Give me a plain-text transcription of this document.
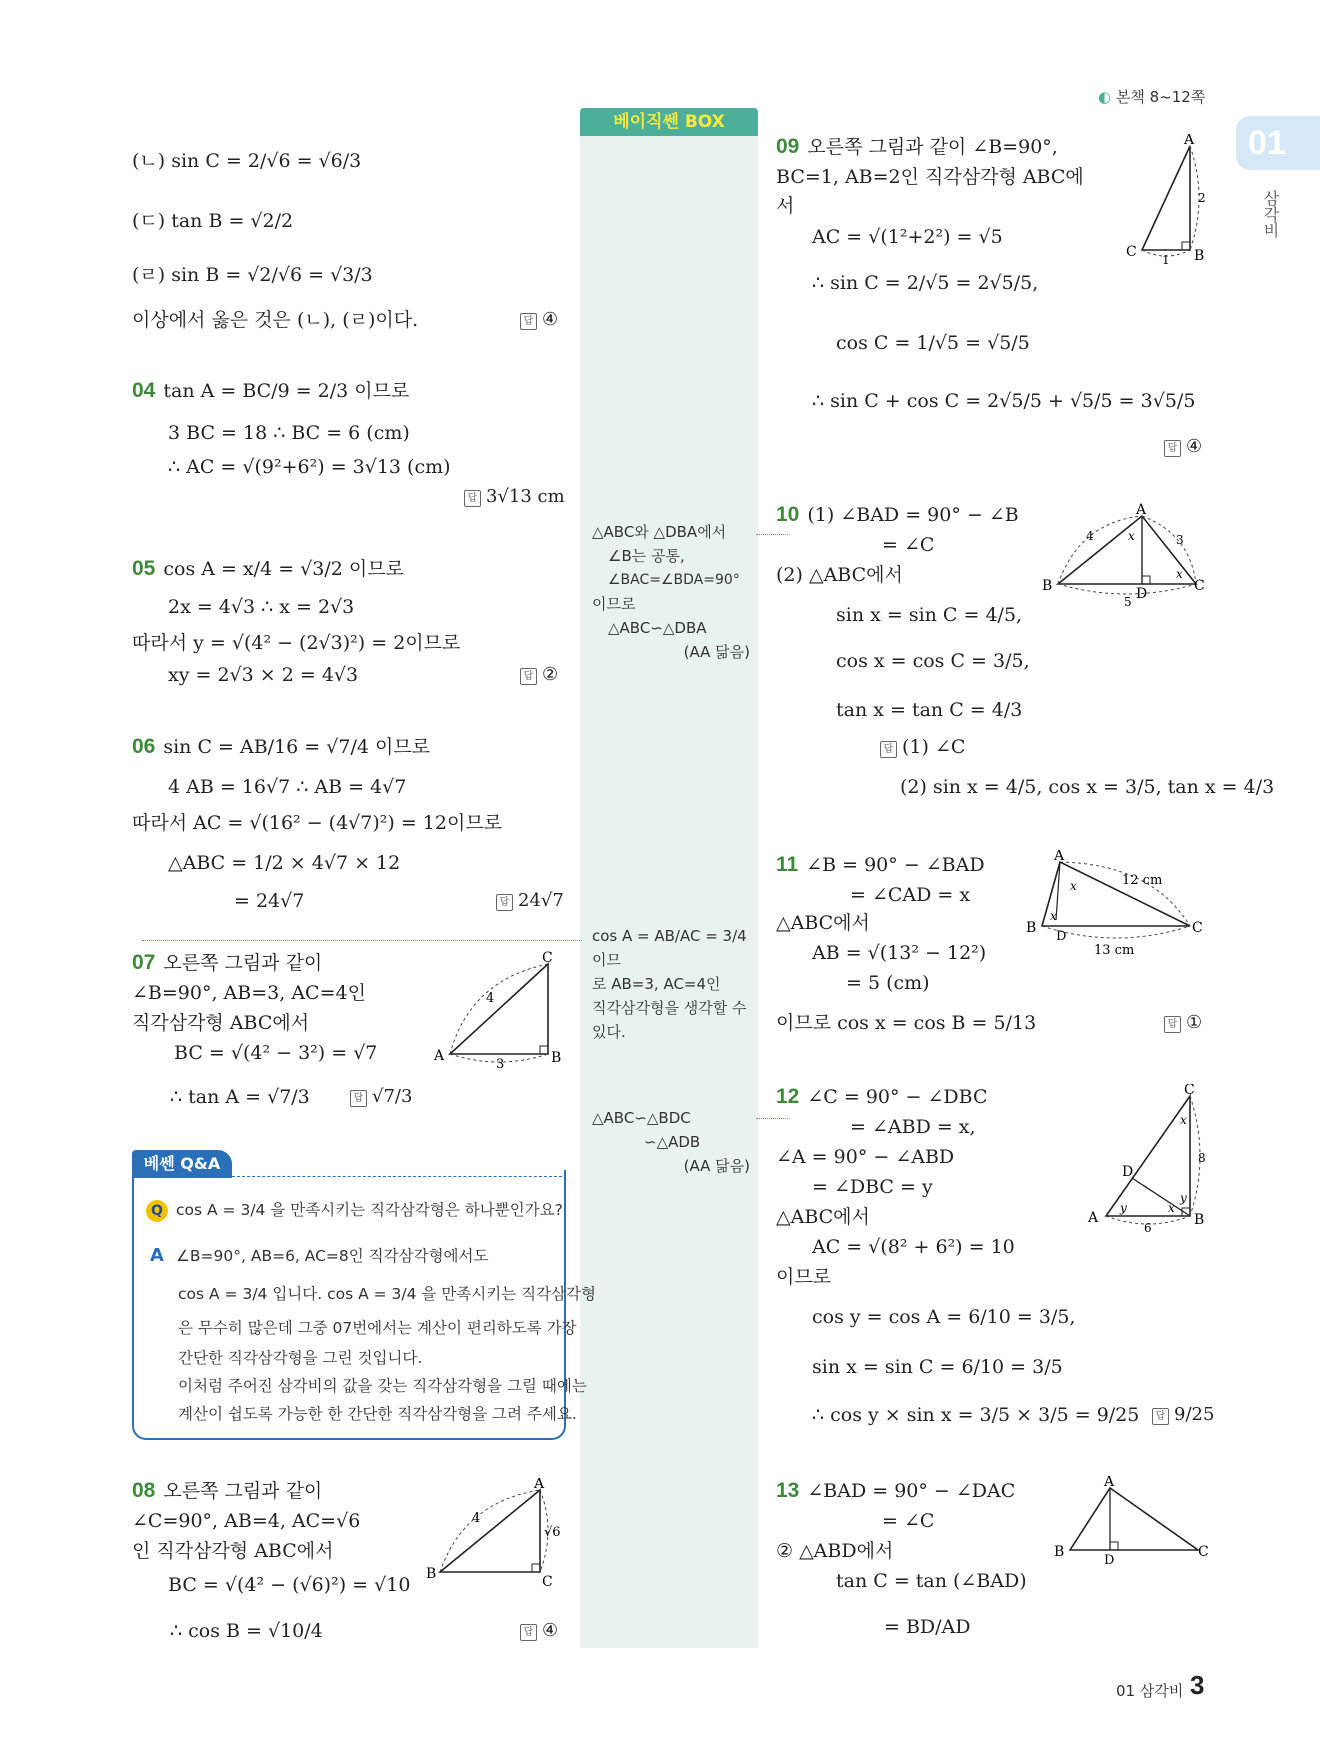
◐ 본책 8~12쪽
01
삼각비
베이직쎈 BOX
△ABC와 △DBA에서
∠B는 공통,
∠BAC=∠BDA=90°
이므로
△ABC∽△DBA
(AA 닮음)
cos A = AB/AC = 3/4 이므
로 AB=3, AC=4인
직각삼각형을 생각할 수
있다.
△ABC∽△BDC
∽△ADB
(AA 닮음)
(ㄴ) sin C = 2/√6 = √6/3
(ㄷ) tan B = √2/2
(ㄹ) sin B = √2/√6 = √3/3
이상에서 옳은 것은 (ㄴ), (ㄹ)이다.	답 ④
04 tan A = BC/9 = 2/3 이므로
3 BC = 18 ∴ BC = 6 (cm)
∴ AC = √(9²+6²) = 3√13 (cm)
답 3√13 cm
05 cos A = x/4 = √3/2 이므로
2x = 4√3 ∴ x = 2√3
따라서 y = √(4² − (2√3)²) = 2이므로
xy = 2√3 × 2 = 4√3	답 ②
06 sin C = AB/16 = √7/4 이므로
4 AB = 16√7 ∴ AB = 4√7
따라서 AC = √(16² − (4√7)²) = 12이므로
△ABC = 1/2 × 4√7 × 12
= 24√7	답 24√7
07 오른쪽 그림과 같이
∠B=90°, AB=3, AC=4인
직각삼각형 ABC에서
BC = √(4² − 3²) = √7
∴ tan A = √7/3	답 √7/3
A	B
C
4
3
베쎈 Q&A
Q cos A = 3/4 을 만족시키는 직각삼각형은 하나뿐인가요?
A ∠B=90°, AB=6, AC=8인 직각삼각형에서도
cos A = 3/4 입니다. cos A = 3/4 을 만족시키는 직각삼각형
은 무수히 많은데 그중 07번에서는 계산이 편리하도록 가장
간단한 직각삼각형을 그린 것입니다.
이처럼 주어진 삼각비의 값을 갖는 직각삼각형을 그릴 때에는
계산이 쉽도록 가능한 한 간단한 직각삼각형을 그려 주세요.
08 오른쪽 그림과 같이
∠C=90°, AB=4, AC=√6
인 직각삼각형 ABC에서
BC = √(4² − (√6)²) = √10
∴ cos B = √10/4	답 ④
B	C
A
4
√6
09 오른쪽 그림과 같이 ∠B=90°,
BC=1, AB=2인 직각삼각형 ABC에
서
AC = √(1²+2²) = √5
∴ sin C = 2/√5 = 2√5/5,
cos C = 1/√5 = √5/5
∴ sin C + cos C = 2√5/5 + √5/5 = 3√5/5
답 ④
A
B
C
2
1
10 (1) ∠BAD = 90° − ∠B
= ∠C
(2) △ABC에서
sin x = sin C = 4/5,
cos x = cos C = 3/5,
tan x = tan C = 4/3
답 (1) ∠C
(2) sin x = 4/5, cos x = 3/5, tan x = 4/3
A
B	C
D
4	3
5
x
x
11 ∠B = 90° − ∠BAD
= ∠CAD = x
△ABC에서
AB = √(13² − 12²)
= 5 (cm)
이므로 cos x = cos B = 5/13	답 ①
A
B	C
D
12 cm
13 cm
x
x
12 ∠C = 90° − ∠DBC
= ∠ABD = x,
∠A = 90° − ∠ABD
= ∠DBC = y
△ABC에서
AC = √(8² + 6²) = 10
이므로
cos y = cos A = 6/10 = 3/5,
sin x = sin C = 6/10 = 3/5
∴ cos y × sin x = 3/5 × 3/5 = 9/25	답 9/25
C
A	B
D
8
6
x
x
y
y
13 ∠BAD = 90° − ∠DAC
= ∠C
② △ABD에서
tan C = tan (∠BAD)
= BD/AD
A
B	C
D
01 삼각비 3
